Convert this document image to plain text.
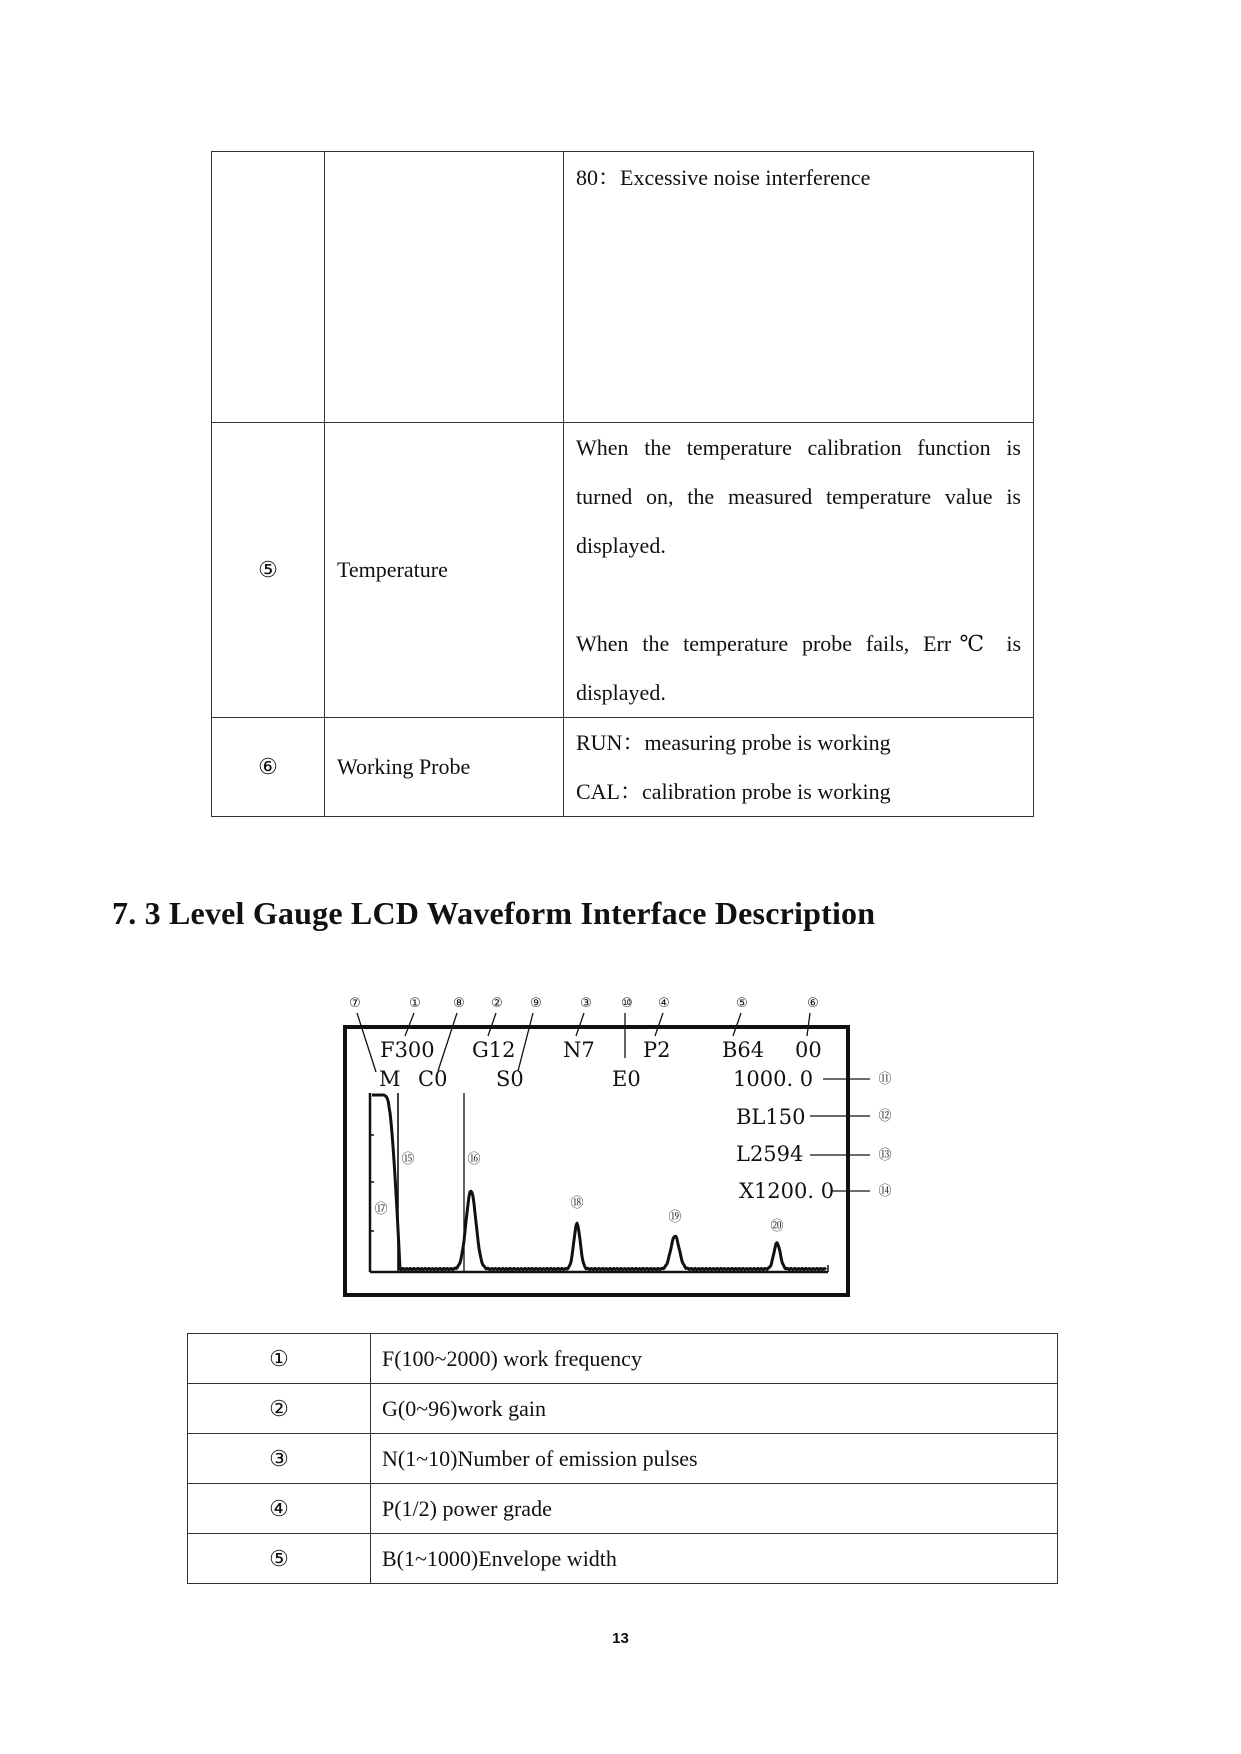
		80：Excessive noise interference

⑤	Temperature	When the temperature calibration function is turned on, the measured temperature value is displayed.
When the temperature probe fails, Err℃ is displayed.

⑥	Working Probe	RUN：measuring probe is working
CAL：calibration probe is working
7. 3 Level Gauge LCD Waveform Interface Description
⑦	① ⑧ ② ⑨	③ ⑩ ④	⑤	⑥
F300 G12 N7 P2 B64 00
M C0 S0	E0	1000. 0
BL150
L2594
X1200. 0
⑪
⑫
⑬
⑭
⑮	⑯
⑰	⑱
⑲
⑳
①	F(100~2000) work frequency
②	G(0~96)work gain
③	N(1~10)Number of emission pulses
④	P(1/2) power grade
⑤	B(1~1000)Envelope width
13
